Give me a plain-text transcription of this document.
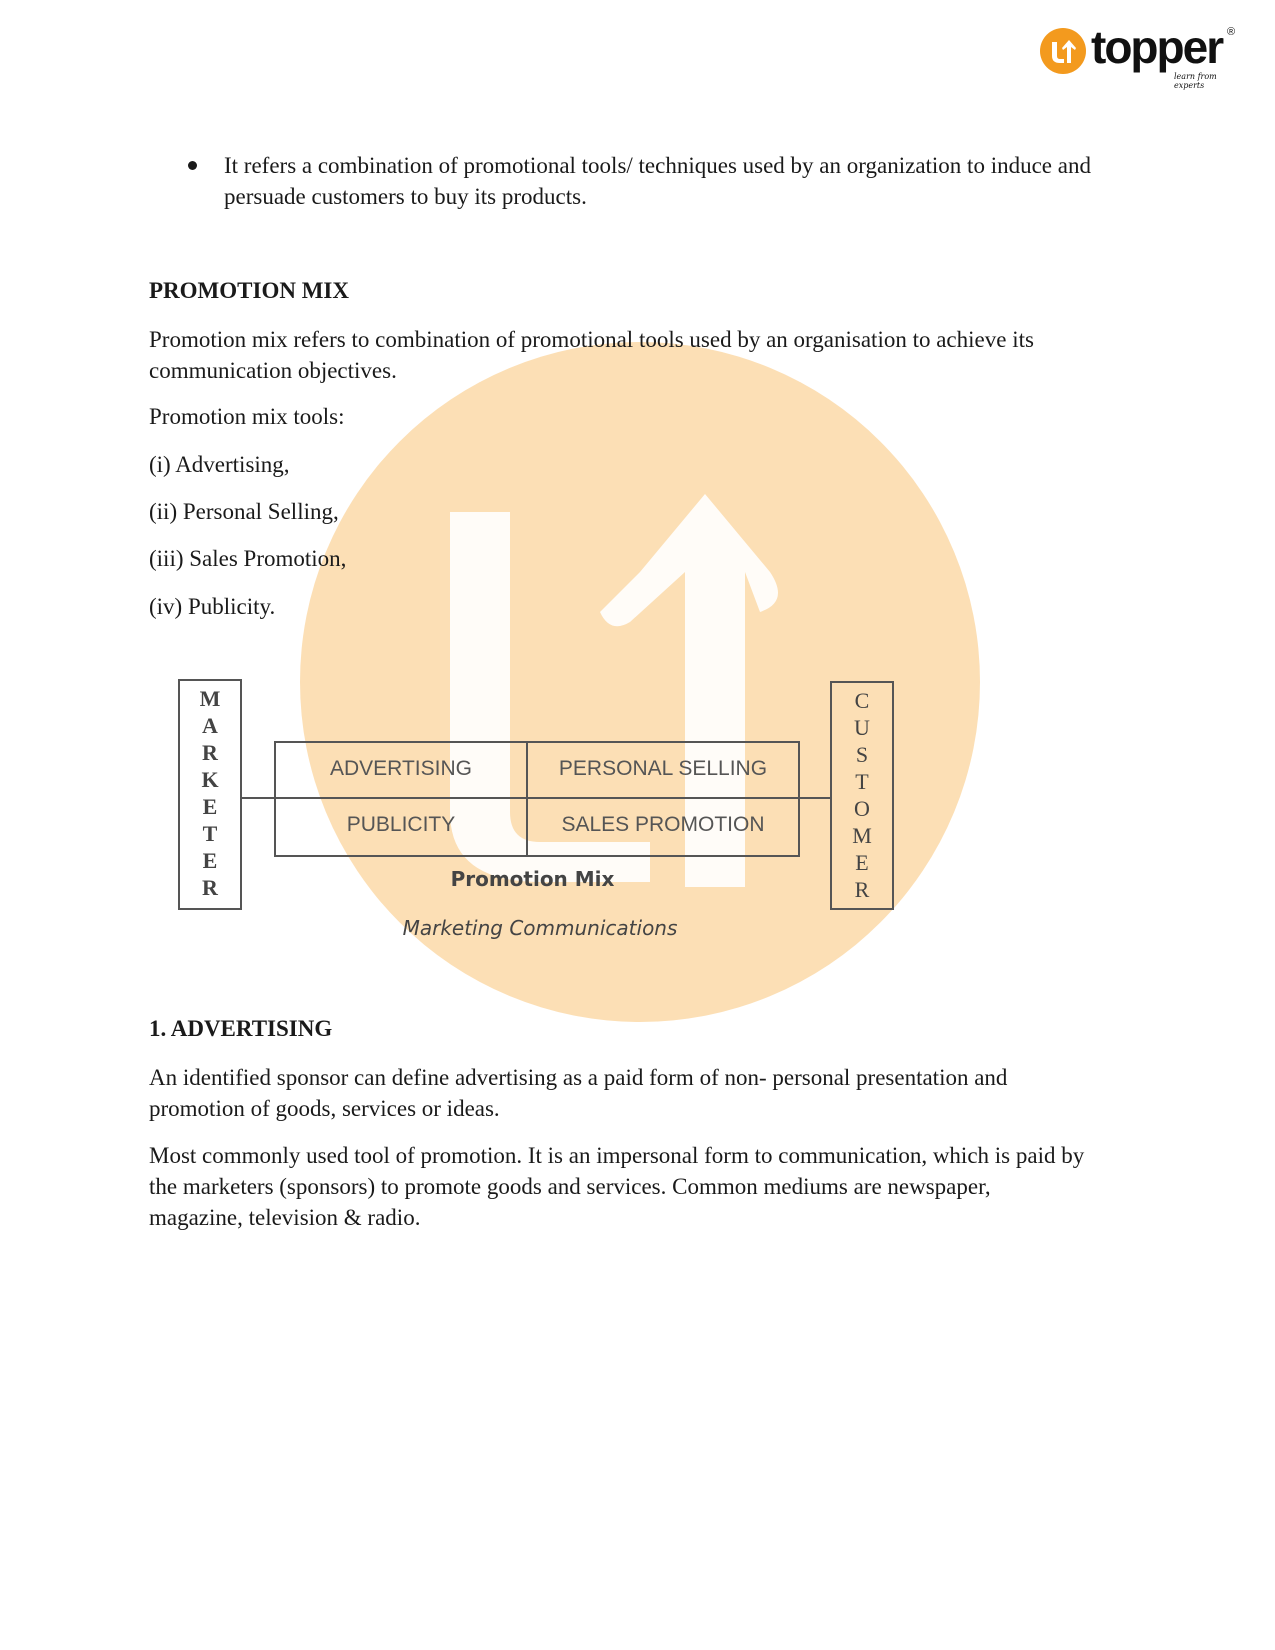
topper ®
learn from experts

It refers a combination of promotional tools/ techniques used by an organization to induce and persuade customers to buy its products.

PROMOTION MIX

Promotion mix refers to combination of promotional tools used by an organisation to achieve its communication objectives.

Promotion mix tools:

(i) Advertising,

(ii) Personal Selling,

(iii) Sales Promotion,

(iv) Publicity.

M
A
R
K
E
T
E
R
C
U
S
T
O
M
E
R
ADVERTISING	PERSONAL SELLING
PUBLICITY	SALES PROMOTION
Promotion Mix
Marketing Communications
1. ADVERTISING

An identified sponsor can define advertising as a paid form of non- personal presentation and promotion of goods, services or ideas.

Most commonly used tool of promotion. It is an impersonal form to communication, which is paid by the marketers (sponsors) to promote goods and services. Common mediums are newspaper, magazine, television & radio.
